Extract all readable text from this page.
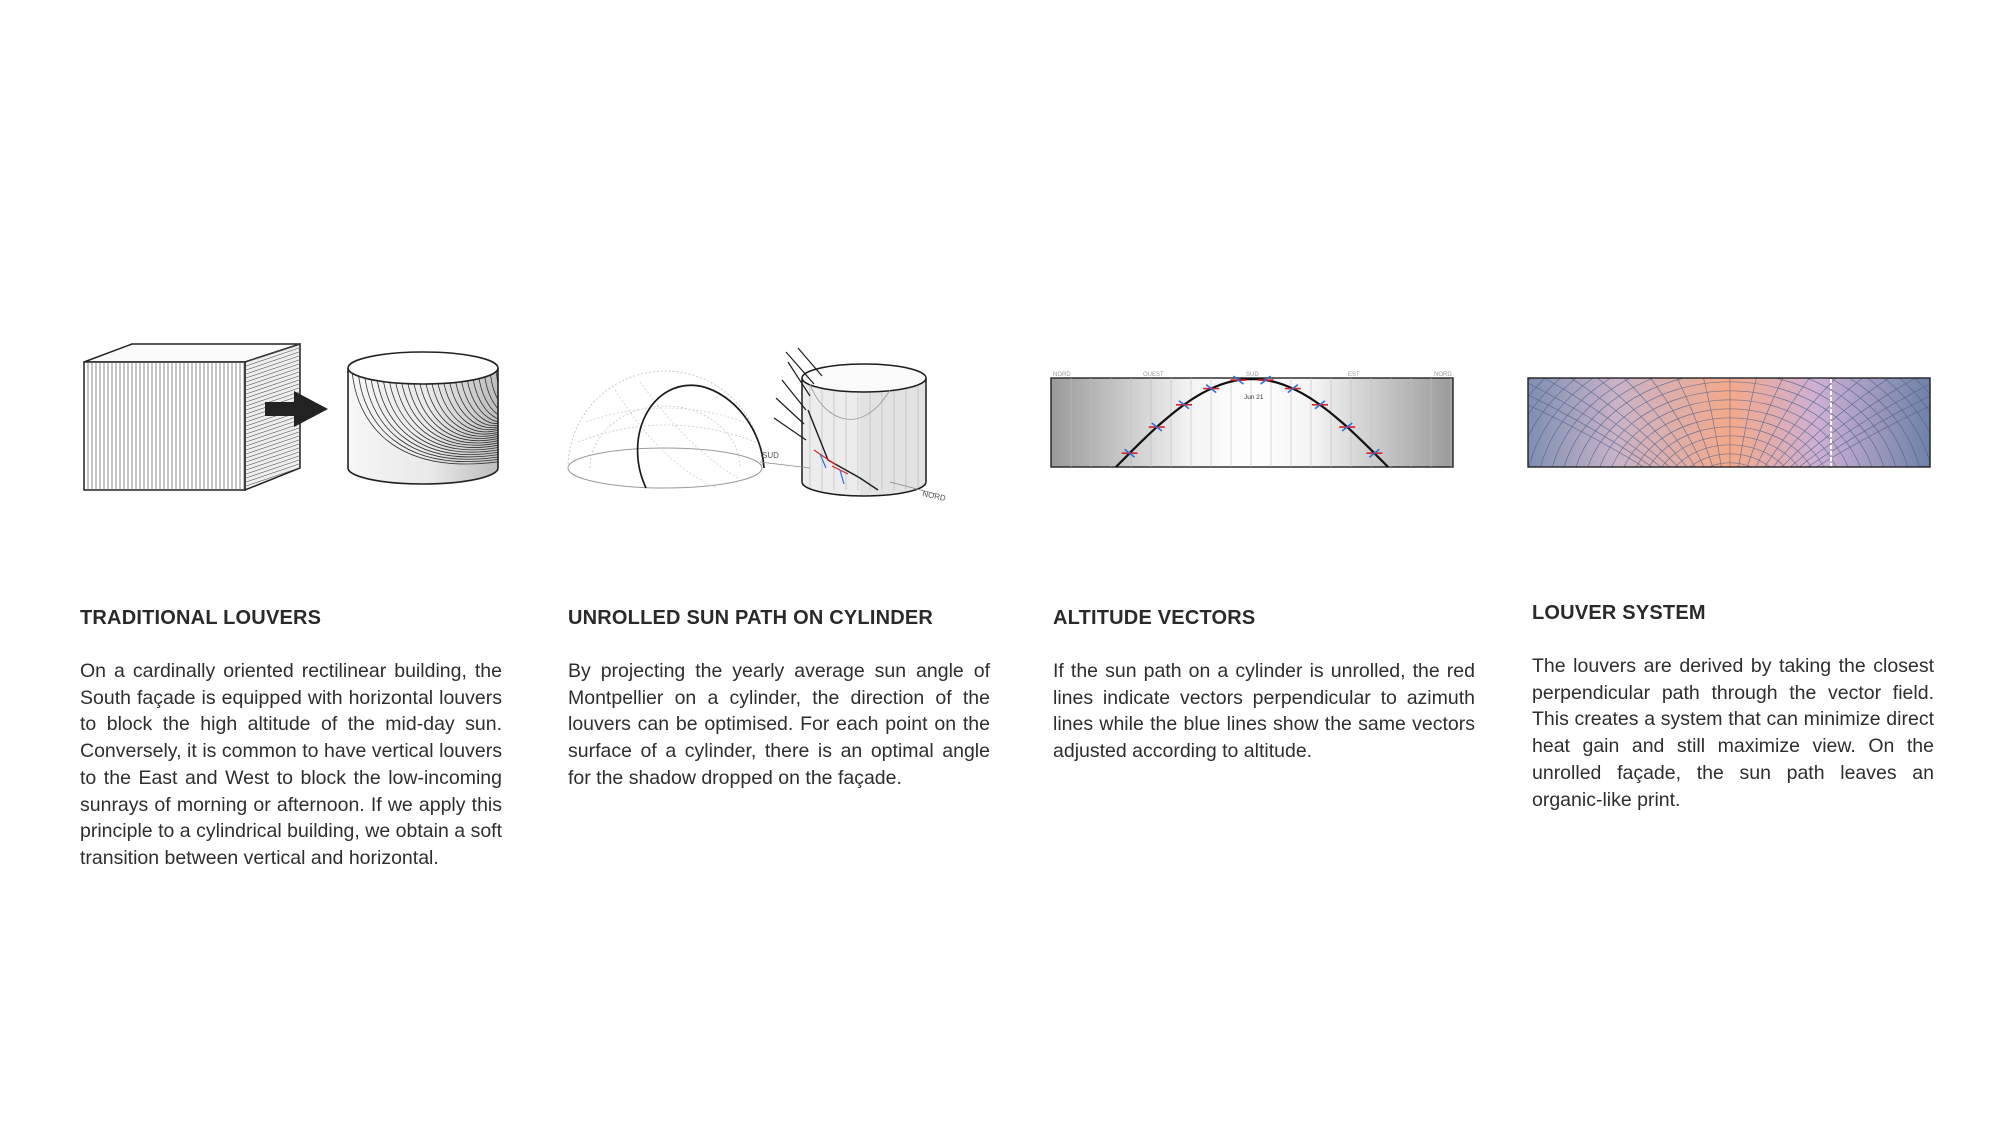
SUD
NORD
NORD	OUEST	SUD	EST	NORD
Jun 21
TRADITIONAL LOUVERS

On a cardinally oriented rectilinear building, the South façade is equipped with horizontal louvers to block the high altitude of the mid-day sun. Conversely, it is common to have vertical louvers to the East and West to block the low-incoming sunrays of morning or afternoon. If we apply this principle to a cylindrical building, we obtain a soft transition between vertical and horizontal.

UNROLLED SUN PATH ON CYLINDER

By projecting the yearly average sun angle of Montpellier on a cylinder, the direction of the louvers can be optimised. For each point on the surface of a cylinder, there is an optimal angle for the shadow dropped on the façade.

ALTITUDE VECTORS

If the sun path on a cylinder is unrolled, the red lines indicate vectors perpendicular to azimuth lines while the blue lines show the same vectors adjusted according to altitude.

LOUVER SYSTEM

The louvers are derived by taking the closest perpendicular path through the vector field. This creates a system that can minimize direct heat gain and still maximize view. On the unrolled façade, the sun path leaves an organic-like print.
